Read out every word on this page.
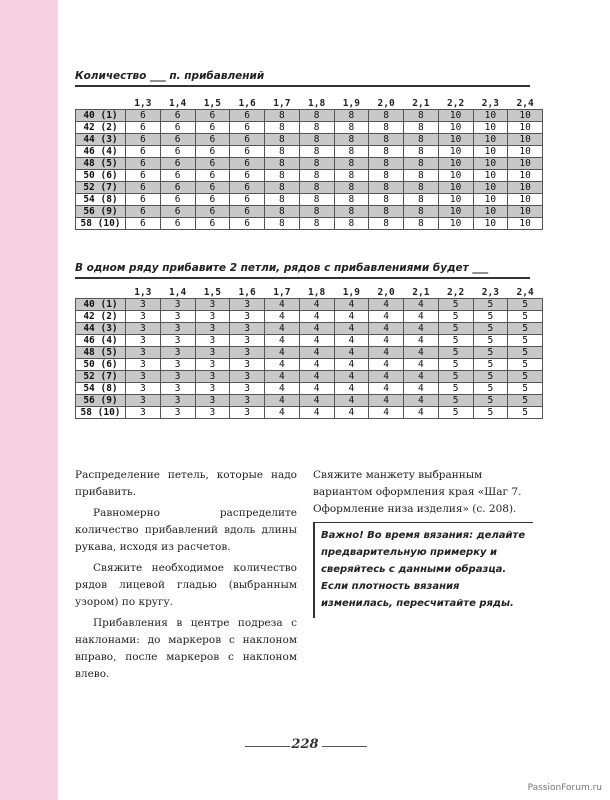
Количество ___ п. прибавлений
	1,3	1,4	1,5	1,6	1,7	1,8	1,9	2,0	2,1	2,2	2,3	2,4
40 (1)	6	6	6	6	8	8	8	8	8	10	10	10
42 (2)	6	6	6	6	8	8	8	8	8	10	10	10
44 (3)	6	6	6	6	8	8	8	8	8	10	10	10
46 (4)	6	6	6	6	8	8	8	8	8	10	10	10
48 (5)	6	6	6	6	8	8	8	8	8	10	10	10
50 (6)	6	6	6	6	8	8	8	8	8	10	10	10
52 (7)	6	6	6	6	8	8	8	8	8	10	10	10
54 (8)	6	6	6	6	8	8	8	8	8	10	10	10
56 (9)	6	6	6	6	8	8	8	8	8	10	10	10
58 (10)	6	6	6	6	8	8	8	8	8	10	10	10
В одном ряду прибавите 2 петли, рядов с прибавлениями будет ___
	1,3	1,4	1,5	1,6	1,7	1,8	1,9	2,0	2,1	2,2	2,3	2,4
40 (1)	3	3	3	3	4	4	4	4	4	5	5	5
42 (2)	3	3	3	3	4	4	4	4	4	5	5	5
44 (3)	3	3	3	3	4	4	4	4	4	5	5	5
46 (4)	3	3	3	3	4	4	4	4	4	5	5	5
48 (5)	3	3	3	3	4	4	4	4	4	5	5	5
50 (6)	3	3	3	3	4	4	4	4	4	5	5	5
52 (7)	3	3	3	3	4	4	4	4	4	5	5	5
54 (8)	3	3	3	3	4	4	4	4	4	5	5	5
56 (9)	3	3	3	3	4	4	4	4	4	5	5	5
58 (10)	3	3	3	3	4	4	4	4	4	5	5	5

Распределение петель, которые надо прибавить.

Равномерно распределите количество прибавлений вдоль длины рукава, исходя из расчетов.

Свяжите необходимое количество рядов лицевой гладью (выбранным узором) по кругу.

Прибавления в центре подреза с наклонами: до маркеров с наклоном вправо, после маркеров с наклоном влево.

Свяжите манжету выбранным вариантом оформления края «Шаг 7. Оформление низа изделия» (с. 208).

Важно! Во время вязания: делайте предварительную примерку и сверяйтесь с данными образца. Если плотность вязания изменилась, пересчитайте ряды.
228
PassionForum.ru
